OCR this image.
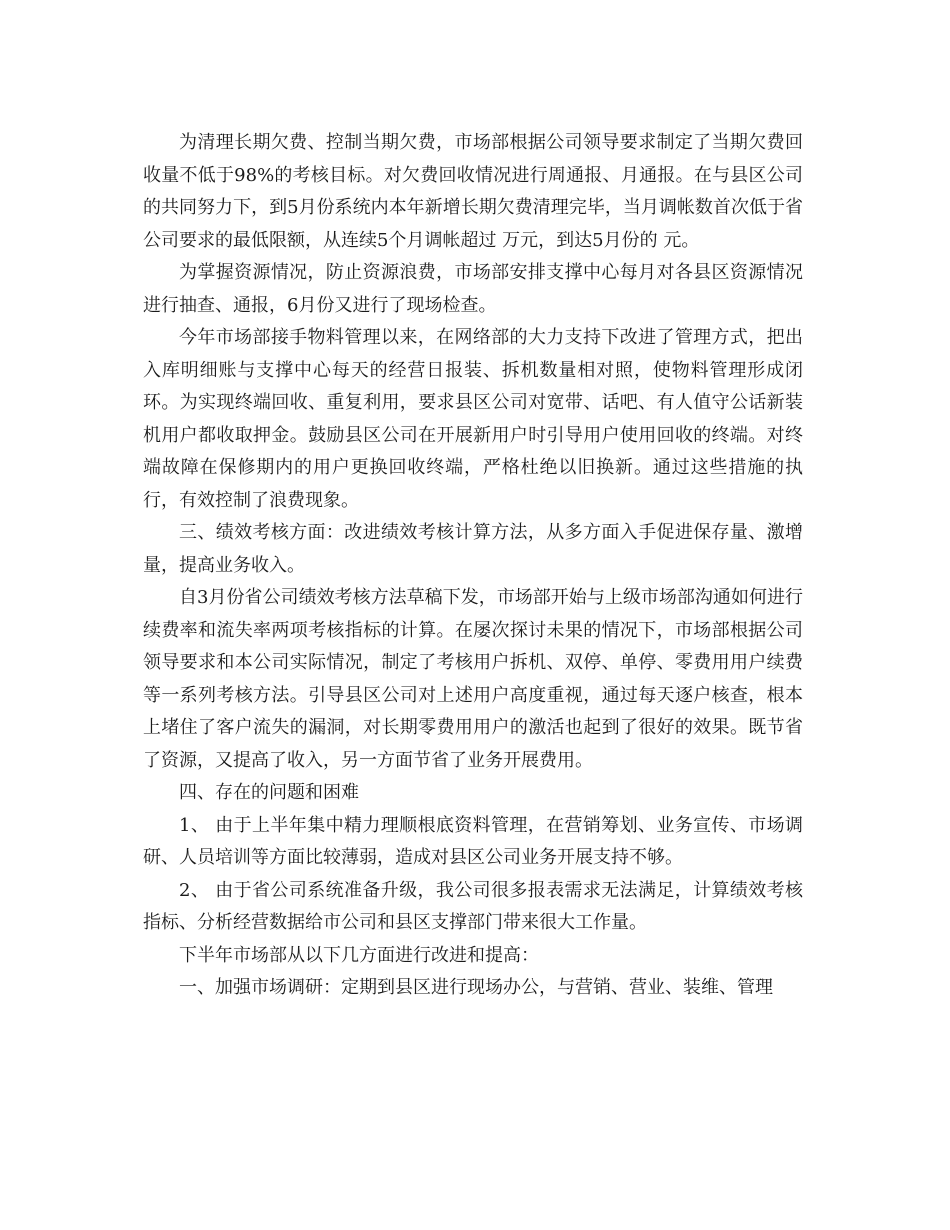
为清理长期欠费、控制当期欠费，市场部根据公司领导要求制定了当期欠费回收量不低于98%的考核目标。对欠费回收情况进行周通报、月通报。在与县区公司的共同努力下，到5月份系统内本年新增长期欠费清理完毕，当月调帐数首次低于省公司要求的最低限额，从连续5个月调帐超过 万元，到达5月份的 元。

为掌握资源情况，防止资源浪费，市场部安排支撑中心每月对各县区资源情况进行抽查、通报，6月份又进行了现场检查。

今年市场部接手物料管理以来，在网络部的大力支持下改进了管理方式，把出入库明细账与支撑中心每天的经营日报装、拆机数量相对照，使物料管理形成闭环。为实现终端回收、重复利用，要求县区公司对宽带、话吧、有人值守公话新装机用户都收取押金。鼓励县区公司在开展新用户时引导用户使用回收的终端。对终端故障在保修期内的用户更换回收终端，严格杜绝以旧换新。通过这些措施的执行，有效控制了浪费现象。

三、绩效考核方面：改进绩效考核计算方法，从多方面入手促进保存量、激增量，提高业务收入。

自3月份省公司绩效考核方法草稿下发，市场部开始与上级市场部沟通如何进行续费率和流失率两项考核指标的计算。在屡次探讨未果的情况下，市场部根据公司领导要求和本公司实际情况，制定了考核用户拆机、双停、单停、零费用用户续费等一系列考核方法。引导县区公司对上述用户高度重视，通过每天逐户核查，根本上堵住了客户流失的漏洞，对长期零费用用户的激活也起到了很好的效果。既节省了资源，又提高了收入，另一方面节省了业务开展费用。

四、存在的问题和困难

1、 由于上半年集中精力理顺根底资料管理，在营销筹划、业务宣传、市场调研、人员培训等方面比较薄弱，造成对县区公司业务开展支持不够。

2、 由于省公司系统准备升级，我公司很多报表需求无法满足，计算绩效考核指标、分析经营数据给市公司和县区支撑部门带来很大工作量。

下半年市场部从以下几方面进行改进和提高：

一、加强市场调研：定期到县区进行现场办公，与营销、营业、装维、管理
